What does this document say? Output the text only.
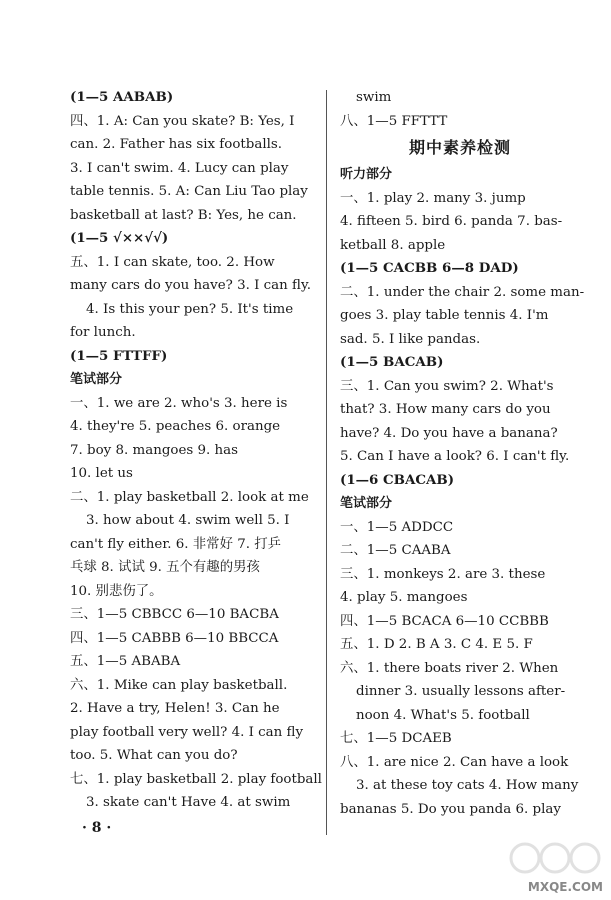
(1—5 AABAB)
四、1. A: Can you skate? B: Yes, I
can. 2. Father has six footballs.
3. I can't swim. 4. Lucy can play
table tennis. 5. A: Can Liu Tao play
basketball at last? B: Yes, he can.
(1—5 √××√√)
五、1. I can skate, too. 2. How
many cars do you have? 3. I can fly.
4. Is this your pen? 5. It's time
for lunch.
(1—5 FTTFF)
笔试部分
一、1. we are 2. who's 3. here is
4. they're 5. peaches 6. orange
7. boy 8. mangoes 9. has
10. let us
二、1. play basketball 2. look at me
3. how about 4. swim well 5. I
can't fly either. 6. 非常好 7. 打乒
乓球 8. 试试 9. 五个有趣的男孩
10. 别悲伤了。
三、1—5 CBBCC 6—10 BACBA
四、1—5 CABBB 6—10 BBCCA
五、1—5 ABABA
六、1. Mike can play basketball.
2. Have a try, Helen! 3. Can he
play football very well? 4. I can fly
too. 5. What can you do?
七、1. play basketball 2. play football
3. skate can't Have 4. at swim
swim
八、1—5 FFTTT
期中素养检测
听力部分
一、1. play 2. many 3. jump
4. fifteen 5. bird 6. panda 7. bas-
ketball 8. apple
(1—5 CACBB 6—8 DAD)
二、1. under the chair 2. some man-
goes 3. play table tennis 4. I'm
sad. 5. I like pandas.
(1—5 BACAB)
三、1. Can you swim? 2. What's
that? 3. How many cars do you
have? 4. Do you have a banana?
5. Can I have a look? 6. I can't fly.
(1—6 CBACAB)
笔试部分
一、1—5 ADDCC
二、1—5 CAABA
三、1. monkeys 2. are 3. these
4. play 5. mangoes
四、1—5 BCACA 6—10 CCBBB
五、1. D 2. B A 3. C 4. E 5. F
六、1. there boats river 2. When
dinner 3. usually lessons after-
noon 4. What's 5. football
七、1—5 DCAEB
八、1. are nice 2. Can have a look
3. at these toy cats 4. How many
bananas 5. Do you panda 6. play
· 8 ·
MXQE.COM
